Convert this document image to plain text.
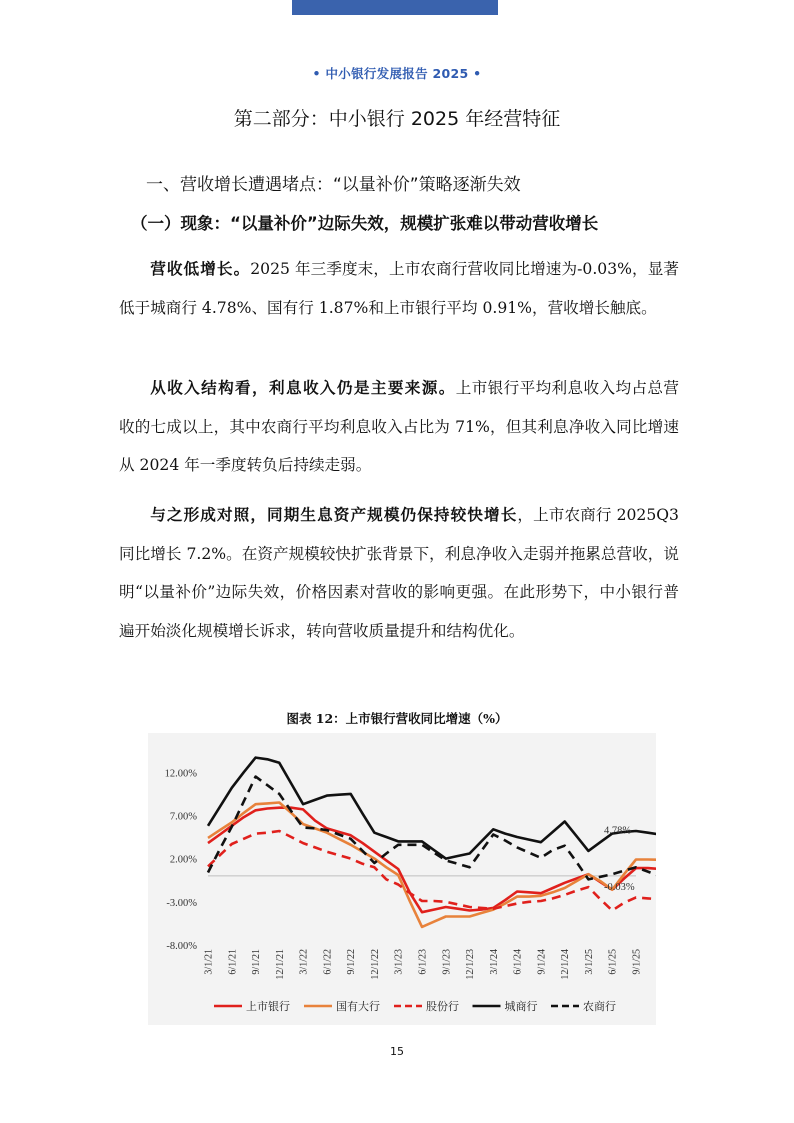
• 中小银行发展报告 2025 •
第二部分：中小银行 2025 年经营特征
一、营收增长遭遇堵点：“以量补价”策略逐渐失效
（一）现象：“以量补价”边际失效，规模扩张难以带动营收增长

营收低增长。2025 年三季度末，上市农商行营收同比增速为-0.03%，显著低于城商行 4.78%、国有行 1.87%和上市银行平均 0.91%，营收增长触底。

从收入结构看，利息收入仍是主要来源。上市银行平均利息收入均占总营收的七成以上，其中农商行平均利息收入占比为 71%，但其利息净收入同比增速从 2024 年一季度转负后持续走弱。

与之形成对照，同期生息资产规模仍保持较快增长，上市农商行 2025Q3 同比增长 7.2%。在资产规模较快扩张背景下，利息净收入走弱并拖累总营收，说明“以量补价”边际失效，价格因素对营收的影响更强。在此形势下，中小银行普遍开始淡化规模增长诉求，转向营收质量提升和结构优化。

图表 12：上市银行营收同比增速（%）
12.00%
7.00%
2.00%
-3.00%
-8.00%
3/1/21 6/1/21 9/1/21 12/1/21 3/1/22 6/1/22 9/1/22 12/1/22 3/1/23 6/1/23 9/1/23 12/1/23 3/1/24 6/1/24 9/1/24 12/1/24 3/1/25 6/1/25 9/1/25
4.78%
-0.03%
上市银行	国有大行	股份行	城商行	农商行
15
